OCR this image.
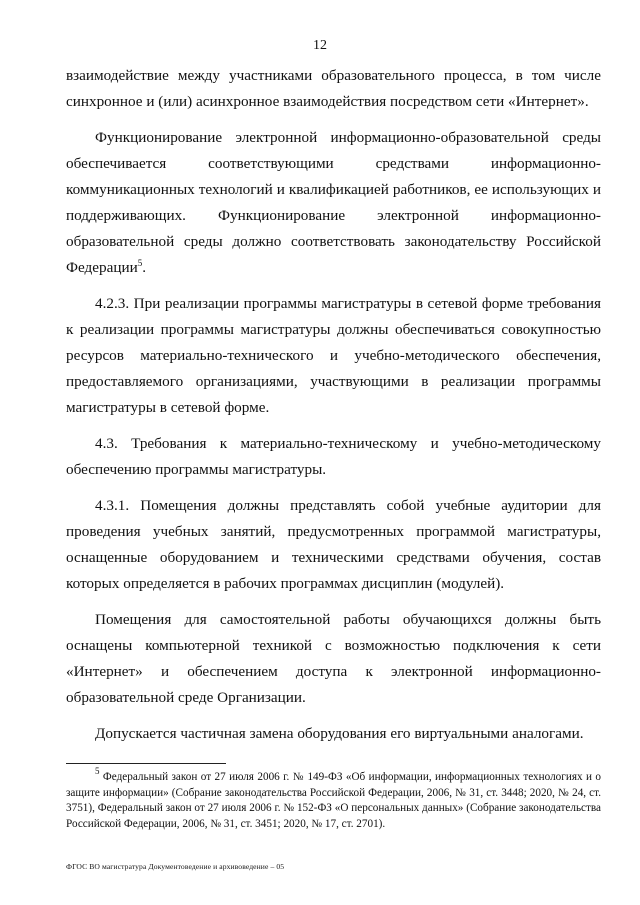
12

взаимодействие между участниками образовательного процесса, в том числе синхронное и (или) асинхронное взаимодействия посредством сети «Интернет».

Функционирование электронной информационно-образовательной среды обеспечивается соответствующими средствами информационно-коммуникационных технологий и квалификацией работников, ее использующих и поддерживающих. Функционирование электронной информационно-образовательной среды должно соответствовать законодательству Российской Федерации$^5$.

4.2.3. При реализации программы магистратуры в сетевой форме требования к реализации программы магистратуры должны обеспечиваться совокупностью ресурсов материально-технического и учебно-методического обеспечения, предоставляемого организациями, участвующими в реализации программы магистратуры в сетевой форме.

4.3. Требования к материально-техническому и учебно-методическому обеспечению программы магистратуры.

4.3.1. Помещения должны представлять собой учебные аудитории для проведения учебных занятий, предусмотренных программой магистратуры, оснащенные оборудованием и техническими средствами обучения, состав которых определяется в рабочих программах дисциплин (модулей).

Помещения для самостоятельной работы обучающихся должны быть оснащены компьютерной техникой с возможностью подключения к сети «Интернет» и обеспечением доступа к электронной информационно-образовательной среде Организации.

Допускается частичная замена оборудования его виртуальными аналогами.

$^5$ Федеральный закон от 27 июля 2006 г. № 149-ФЗ «Об информации, информационных технологиях и о защите информации» (Собрание законодательства Российской Федерации, 2006, № 31, ст. 3448; 2020, № 24, ст. 3751), Федеральный закон от 27 июля 2006 г. № 152-ФЗ «О персональных данных» (Собрание законодательства Российской Федерации, 2006, № 31, ст. 3451; 2020, № 17, ст. 2701).
ФГОС ВО магистратура Документоведение и архивоведение – 05
